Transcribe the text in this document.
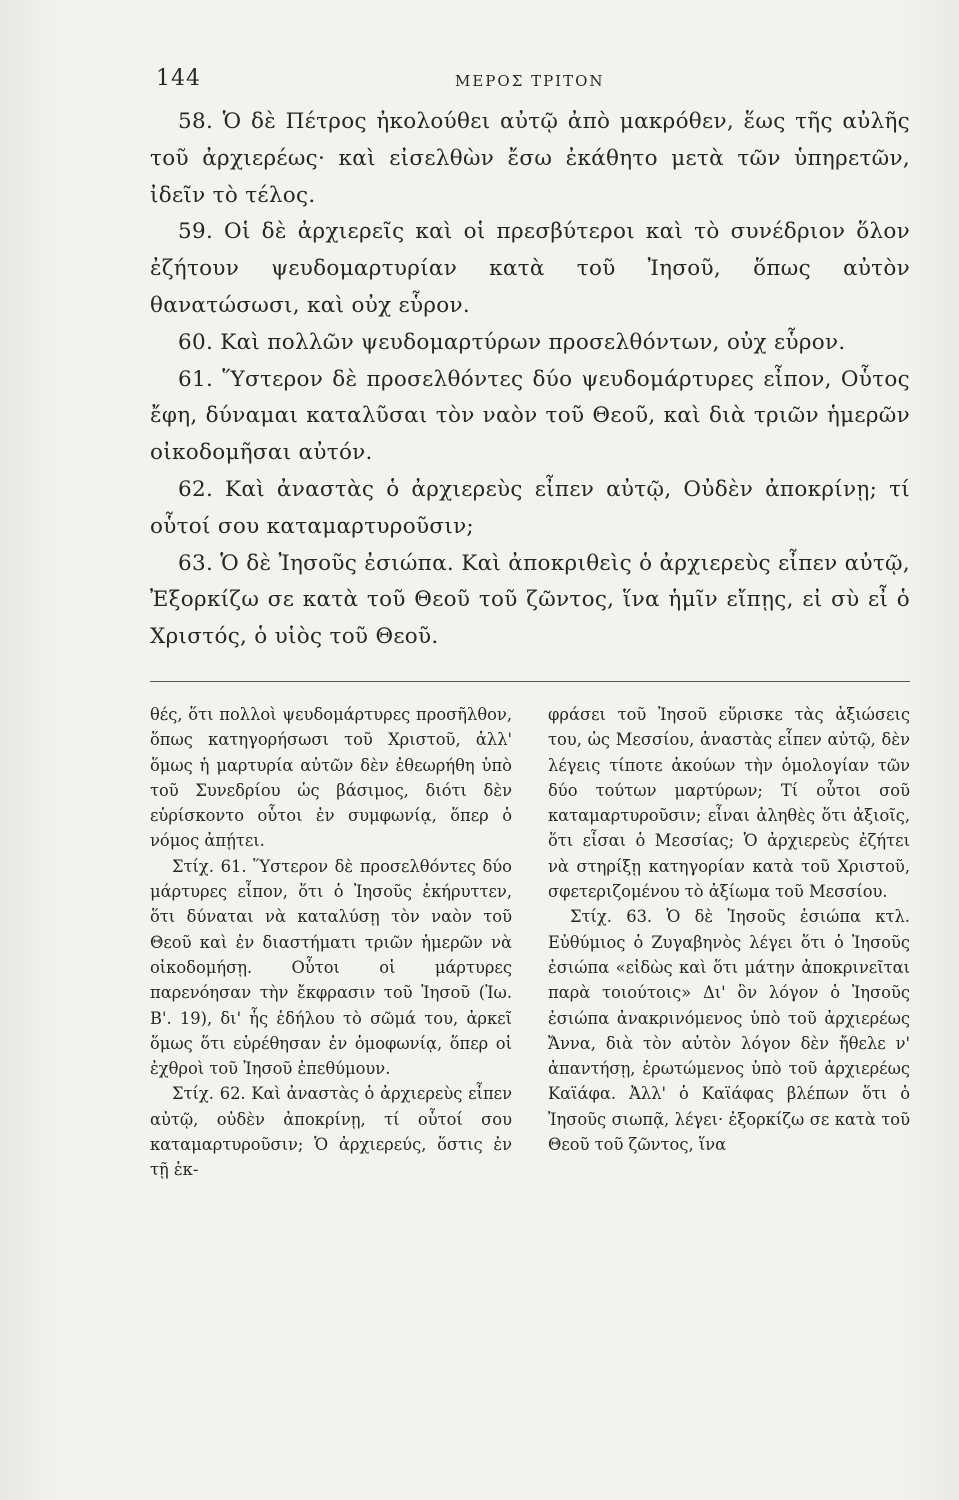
144	ΜΕΡΟΣ ΤΡΙΤΟΝ

58. Ὁ δὲ Πέτρος ἠκολούθει αὐτῷ ἀπὸ μακρόθεν, ἕως τῆς αὐλῆς τοῦ ἀρχιερέως· καὶ εἰσελθὼν ἔσω ἐκάθητο μετὰ τῶν ὑπηρετῶν, ἰδεῖν τὸ τέλος.

59. Οἱ δὲ ἀρχιερεῖς καὶ οἱ πρεσβύτεροι καὶ τὸ συνέδριον ὅλον ἐζήτουν ψευδομαρτυρίαν κατὰ τοῦ Ἰησοῦ, ὅπως αὐτὸν θανατώσωσι, καὶ οὐχ εὗρον.

60. Καὶ πολλῶν ψευδομαρτύρων προσελθόντων, οὐχ εὗρον.

61. Ὕστερον δὲ προσελθόντες δύο ψευδομάρτυρες εἶπον, Οὗτος ἔφη, δύναμαι καταλῦσαι τὸν ναὸν τοῦ Θεοῦ, καὶ διὰ τριῶν ἡμερῶν οἰκοδομῆσαι αὐτόν.

62. Καὶ ἀναστὰς ὁ ἀρχιερεὺς εἶπεν αὐτῷ, Οὐδὲν ἀποκρίνῃ; τί οὗτοί σου καταμαρτυροῦσιν;

63. Ὁ δὲ Ἰησοῦς ἐσιώπα. Καὶ ἀποκριθεὶς ὁ ἀρχιερεὺς εἶπεν αὐτῷ, Ἐξορκίζω σε κατὰ τοῦ Θεοῦ τοῦ ζῶντος, ἵνα ἡμῖν εἴπῃς, εἰ σὺ εἶ ὁ Χριστός, ὁ υἱὸς τοῦ Θεοῦ.

θές, ὅτι πολλοὶ ψευδομάρτυρες προσῆλθον, ὅπως κατηγορήσωσι τοῦ Χριστοῦ, ἀλλ' ὅμως ἡ μαρτυρία αὐτῶν δὲν ἐθεωρήθη ὑπὸ τοῦ Συνεδρίου ὡς βάσιμος, διότι δὲν εὑρίσκοντο οὗτοι ἐν συμφωνίᾳ, ὅπερ ὁ νόμος ἀπῄτει.

Στίχ. 61. Ὕστερον δὲ προσελθόντες δύο μάρτυρες εἶπον, ὅτι ὁ Ἰησοῦς ἐκήρυττεν, ὅτι δύναται νὰ καταλύσῃ τὸν ναὸν τοῦ Θεοῦ καὶ ἐν διαστήματι τριῶν ἡμερῶν νὰ οἰκοδομήσῃ. Οὗτοι οἱ μάρτυρες παρενόησαν τὴν ἔκφρασιν τοῦ Ἰησοῦ (Ἰω. Β'. 19), δι' ἧς ἐδήλου τὸ σῶμά του, ἀρκεῖ ὅμως ὅτι εὑρέθησαν ἐν ὁμοφωνίᾳ, ὅπερ οἱ ἐχθροὶ τοῦ Ἰησοῦ ἐπεθύμουν.

Στίχ. 62. Καὶ ἀναστὰς ὁ ἀρχιερεὺς εἶπεν αὐτῷ, οὐδὲν ἀποκρίνῃ, τί οὗτοί σου καταμαρτυροῦσιν; Ὁ ἀρχιερεύς, ὅστις ἐν τῇ ἐκ-

φράσει τοῦ Ἰησοῦ εὕρισκε τὰς ἀξιώσεις του, ὡς Μεσσίου, ἀναστὰς εἶπεν αὐτῷ, δὲν λέγεις τίποτε ἀκούων τὴν ὁμολογίαν τῶν δύο τούτων μαρτύρων; Τί οὗτοι σοῦ καταμαρτυροῦσιν; εἶναι ἀληθὲς ὅτι ἀξιοῖς, ὅτι εἶσαι ὁ Μεσσίας; Ὁ ἀρχιερεὺς ἐζήτει νὰ στηρίξῃ κατηγορίαν κατὰ τοῦ Χριστοῦ, σφετεριζομένου τὸ ἀξίωμα τοῦ Μεσσίου.

Στίχ. 63. Ὁ δὲ Ἰησοῦς ἐσιώπα κτλ. Εὐθύμιος ὁ Ζυγαβηνὸς λέγει ὅτι ὁ Ἰησοῦς ἐσιώπα «εἰδὼς καὶ ὅτι μάτην ἀποκρινεῖται παρὰ τοιούτοις» Δι' ὃν λόγον ὁ Ἰησοῦς ἐσιώπα ἀνακρινόμενος ὑπὸ τοῦ ἀρχιερέως Ἄννα, διὰ τὸν αὐτὸν λόγον δὲν ἤθελε ν' ἀπαντήσῃ, ἐρωτώμενος ὑπὸ τοῦ ἀρχιερέως Καϊάφα. Ἀλλ' ὁ Καϊάφας βλέπων ὅτι ὁ Ἰησοῦς σιωπᾷ, λέγει· ἐξορκίζω σε κατὰ τοῦ Θεοῦ τοῦ ζῶντος, ἵνα
